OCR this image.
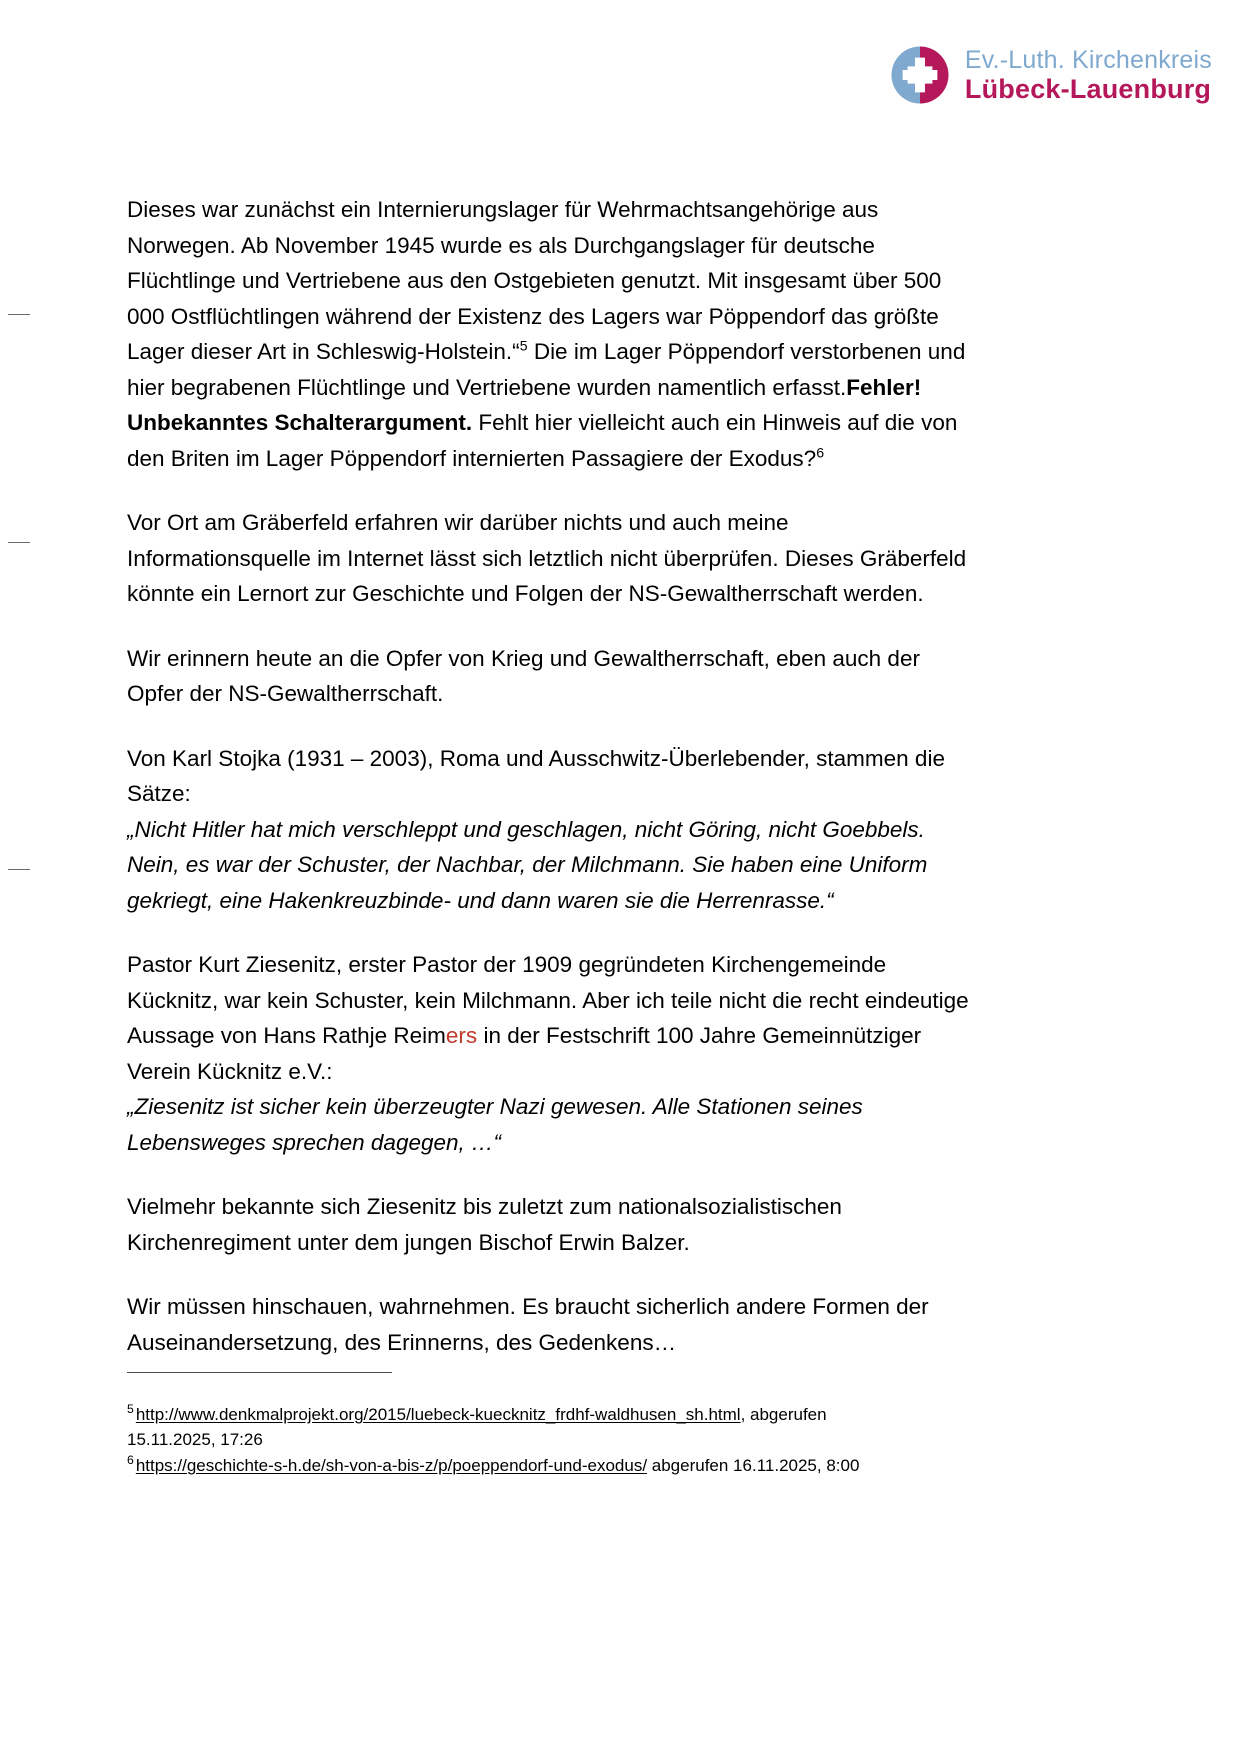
Ev.-Luth. Kirchenkreis
Lübeck-Lauenburg

Dieses war zunächst ein Internierungslager für Wehrmachtsangehörige aus Norwegen. Ab November 1945 wurde es als Durchgangslager für deutsche Flüchtlinge und Vertriebene aus den Ostgebieten genutzt. Mit insgesamt über 500 000 Ostflüchtlingen während der Existenz des Lagers war Pöppendorf das größte Lager dieser Art in Schleswig-Holstein.“$^5$ Die im Lager Pöppendorf verstorbenen und hier begrabenen Flüchtlinge und Vertriebene wurden namentlich erfasst.Fehler! Unbekanntes Schalterargument. Fehlt hier vielleicht auch ein Hinweis auf die von den Briten im Lager Pöppendorf internierten Passagiere der Exodus?$^6$

Vor Ort am Gräberfeld erfahren wir darüber nichts und auch meine Informationsquelle im Internet lässt sich letztlich nicht überprüfen. Dieses Gräberfeld könnte ein Lernort zur Geschichte und Folgen der NS-Gewaltherrschaft werden.

Wir erinnern heute an die Opfer von Krieg und Gewaltherrschaft, eben auch der Opfer der NS-Gewaltherrschaft.

Von Karl Stojka (1931 – 2003), Roma und Ausschwitz-Überlebender, stammen die Sätze:

„Nicht Hitler hat mich verschleppt und geschlagen, nicht Göring, nicht Goebbels. Nein, es war der Schuster, der Nachbar, der Milchmann. Sie haben eine Uniform gekriegt, eine Hakenkreuzbinde- und dann waren sie die Herrenrasse.“

Pastor Kurt Ziesenitz, erster Pastor der 1909 gegründeten Kirchengemeinde Kücknitz, war kein Schuster, kein Milchmann. Aber ich teile nicht die recht eindeutige Aussage von Hans Rathje Reimers in der Festschrift 100 Jahre Gemeinnütziger Verein Kücknitz e.V.:

„Ziesenitz ist sicher kein überzeugter Nazi gewesen. Alle Stationen seines Lebensweges sprechen dagegen, …“

Vielmehr bekannte sich Ziesenitz bis zuletzt zum nationalsozialistischen Kirchenregiment unter dem jungen Bischof Erwin Balzer.

Wir müssen hinschauen, wahrnehmen. Es braucht sicherlich andere Formen der Auseinandersetzung, des Erinnerns, des Gedenkens…

$^5$ http://www.denkmalprojekt.org/2015/luebeck-kuecknitz_frdhf-waldhusen_sh.html, abgerufen
15.11.2025, 17:26

$^6$ https://geschichte-s-h.de/sh-von-a-bis-z/p/poeppendorf-und-exodus/ abgerufen 16.11.2025, 8:00
